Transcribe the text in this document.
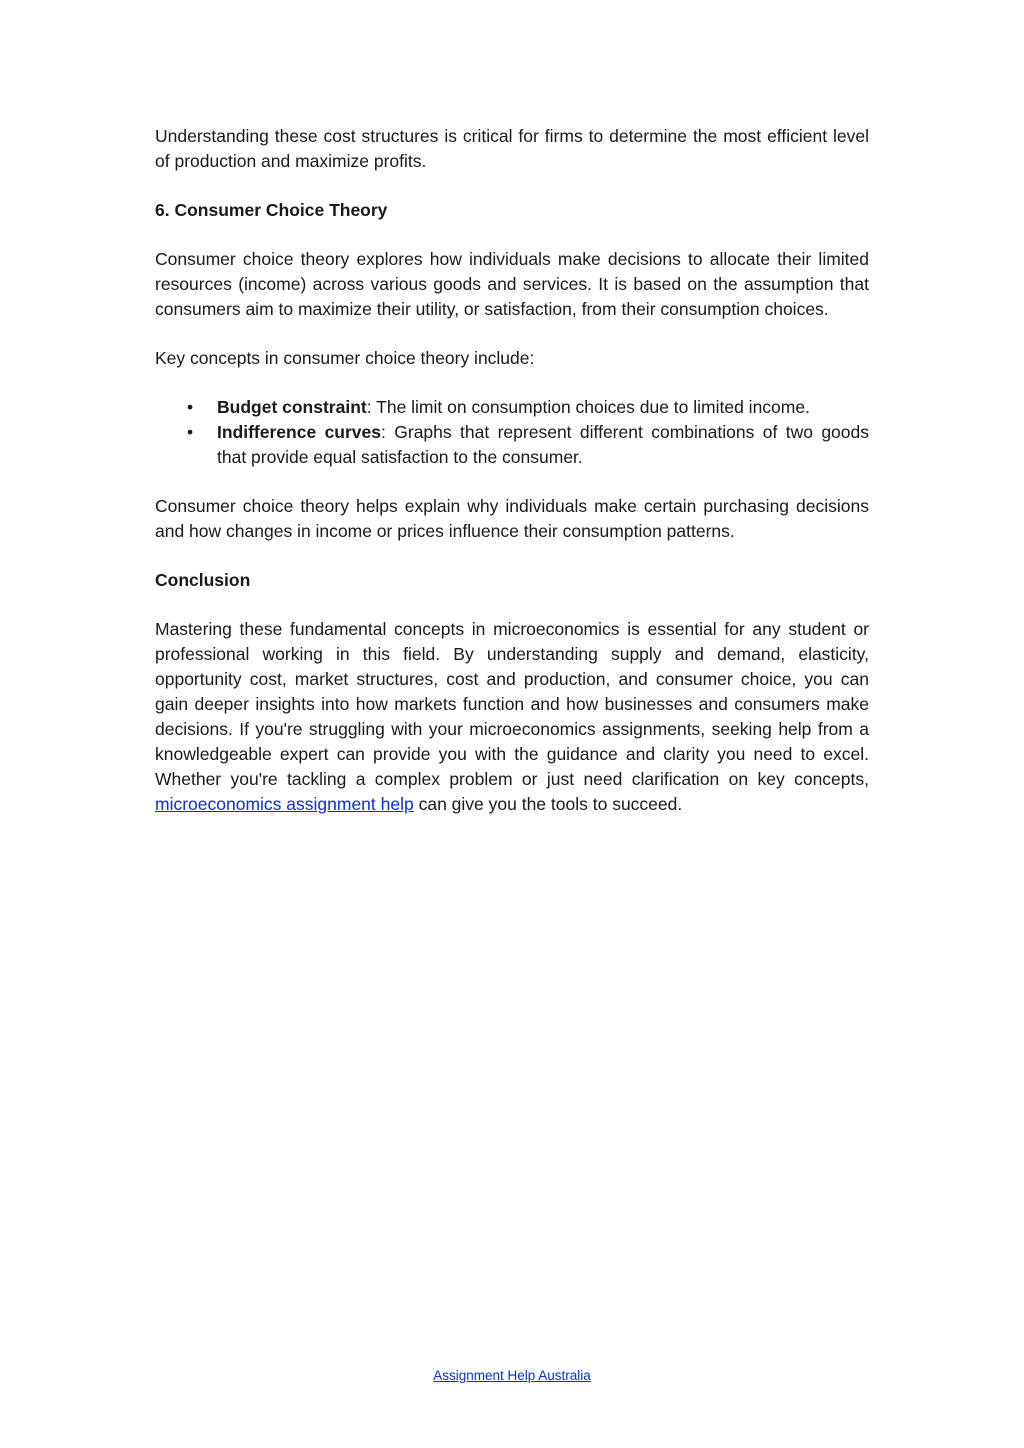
Understanding these cost structures is critical for firms to determine the most efficient level of production and maximize profits.

6. Consumer Choice Theory

Consumer choice theory explores how individuals make decisions to allocate their limited resources (income) across various goods and services. It is based on the assumption that consumers aim to maximize their utility, or satisfaction, from their consumption choices.

Key concepts in consumer choice theory include:

• Budget constraint: The limit on consumption choices due to limited income.
• Indifference curves: Graphs that represent different combinations of two goods that provide equal satisfaction to the consumer.

Consumer choice theory helps explain why individuals make certain purchasing decisions and how changes in income or prices influence their consumption patterns.

Conclusion

Mastering these fundamental concepts in microeconomics is essential for any student or professional working in this field. By understanding supply and demand, elasticity, opportunity cost, market structures, cost and production, and consumer choice, you can gain deeper insights into how markets function and how businesses and consumers make decisions. If you're struggling with your microeconomics assignments, seeking help from a knowledgeable expert can provide you with the guidance and clarity you need to excel. Whether you're tackling a complex problem or just need clarification on key concepts, microeconomics assignment help can give you the tools to succeed.

Assignment Help Australia
